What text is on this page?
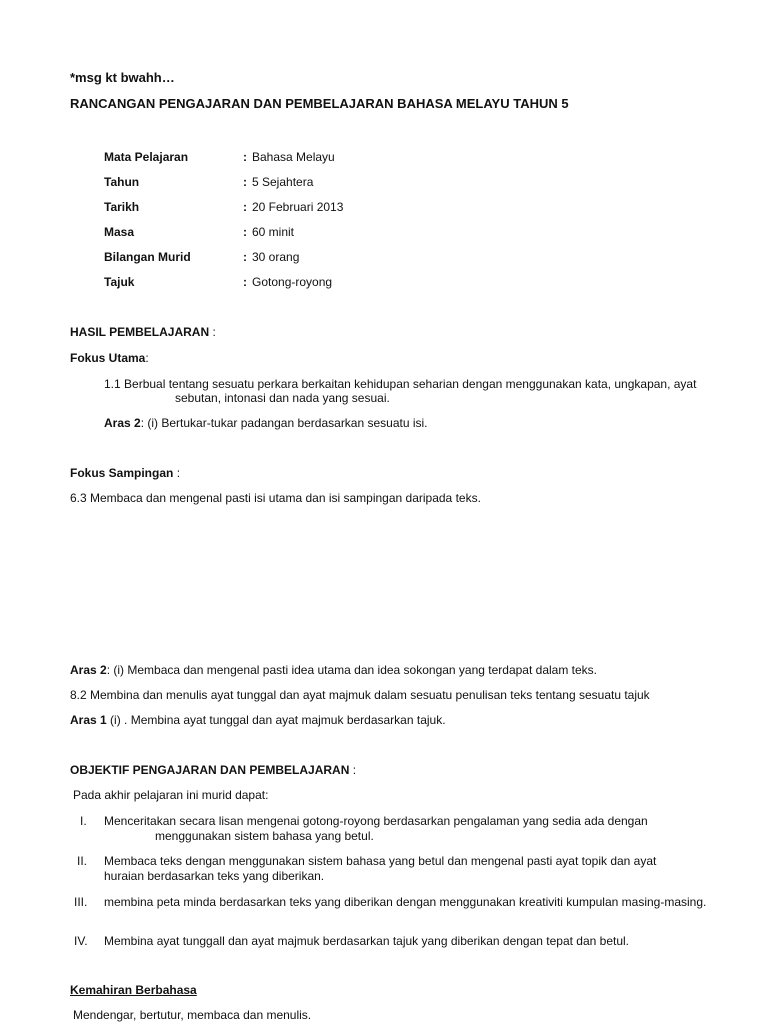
*msg kt bwahh…
RANCANGAN PENGAJARAN DAN PEMBELAJARAN BAHASA MELAYU TAHUN 5
Mata Pelajaran	: Bahasa Melayu
Tahun	: 5 Sejahtera
Tarikh	: 20 Februari 2013
Masa	: 60 minit
Bilangan Murid	: 30 orang
Tajuk	: Gotong-royong
HASIL PEMBELAJARAN :
Fokus Utama:
1.1 Berbual tentang sesuatu perkara berkaitan kehidupan seharian dengan menggunakan kata, ungkapan, ayat
sebutan, intonasi dan nada yang sesuai.
Aras 2: (i) Bertukar-tukar padangan berdasarkan sesuatu isi.
Fokus Sampingan :
6.3 Membaca dan mengenal pasti isi utama dan isi sampingan daripada teks.
Aras 2: (i) Membaca dan mengenal pasti idea utama dan idea sokongan yang terdapat dalam teks.
8.2 Membina dan menulis ayat tunggal dan ayat majmuk dalam sesuatu penulisan teks tentang sesuatu tajuk
Aras 1 (i) . Membina ayat tunggal dan ayat majmuk berdasarkan tajuk.
OBJEKTIF PENGAJARAN DAN PEMBELAJARAN :
Pada akhir pelajaran ini murid dapat:
I. Menceritakan secara lisan mengenai gotong-royong berdasarkan pengalaman yang sedia ada dengan
menggunakan sistem bahasa yang betul.
II. Membaca teks dengan menggunakan sistem bahasa yang betul dan mengenal pasti ayat topik dan ayat
huraian berdasarkan teks yang diberikan.
III. membina peta minda berdasarkan teks yang diberikan dengan menggunakan kreativiti kumpulan masing-masing.
IV. Membina ayat tunggall dan ayat majmuk berdasarkan tajuk yang diberikan dengan tepat dan betul.
Kemahiran Berbahasa
Mendengar, bertutur, membaca dan menulis.
